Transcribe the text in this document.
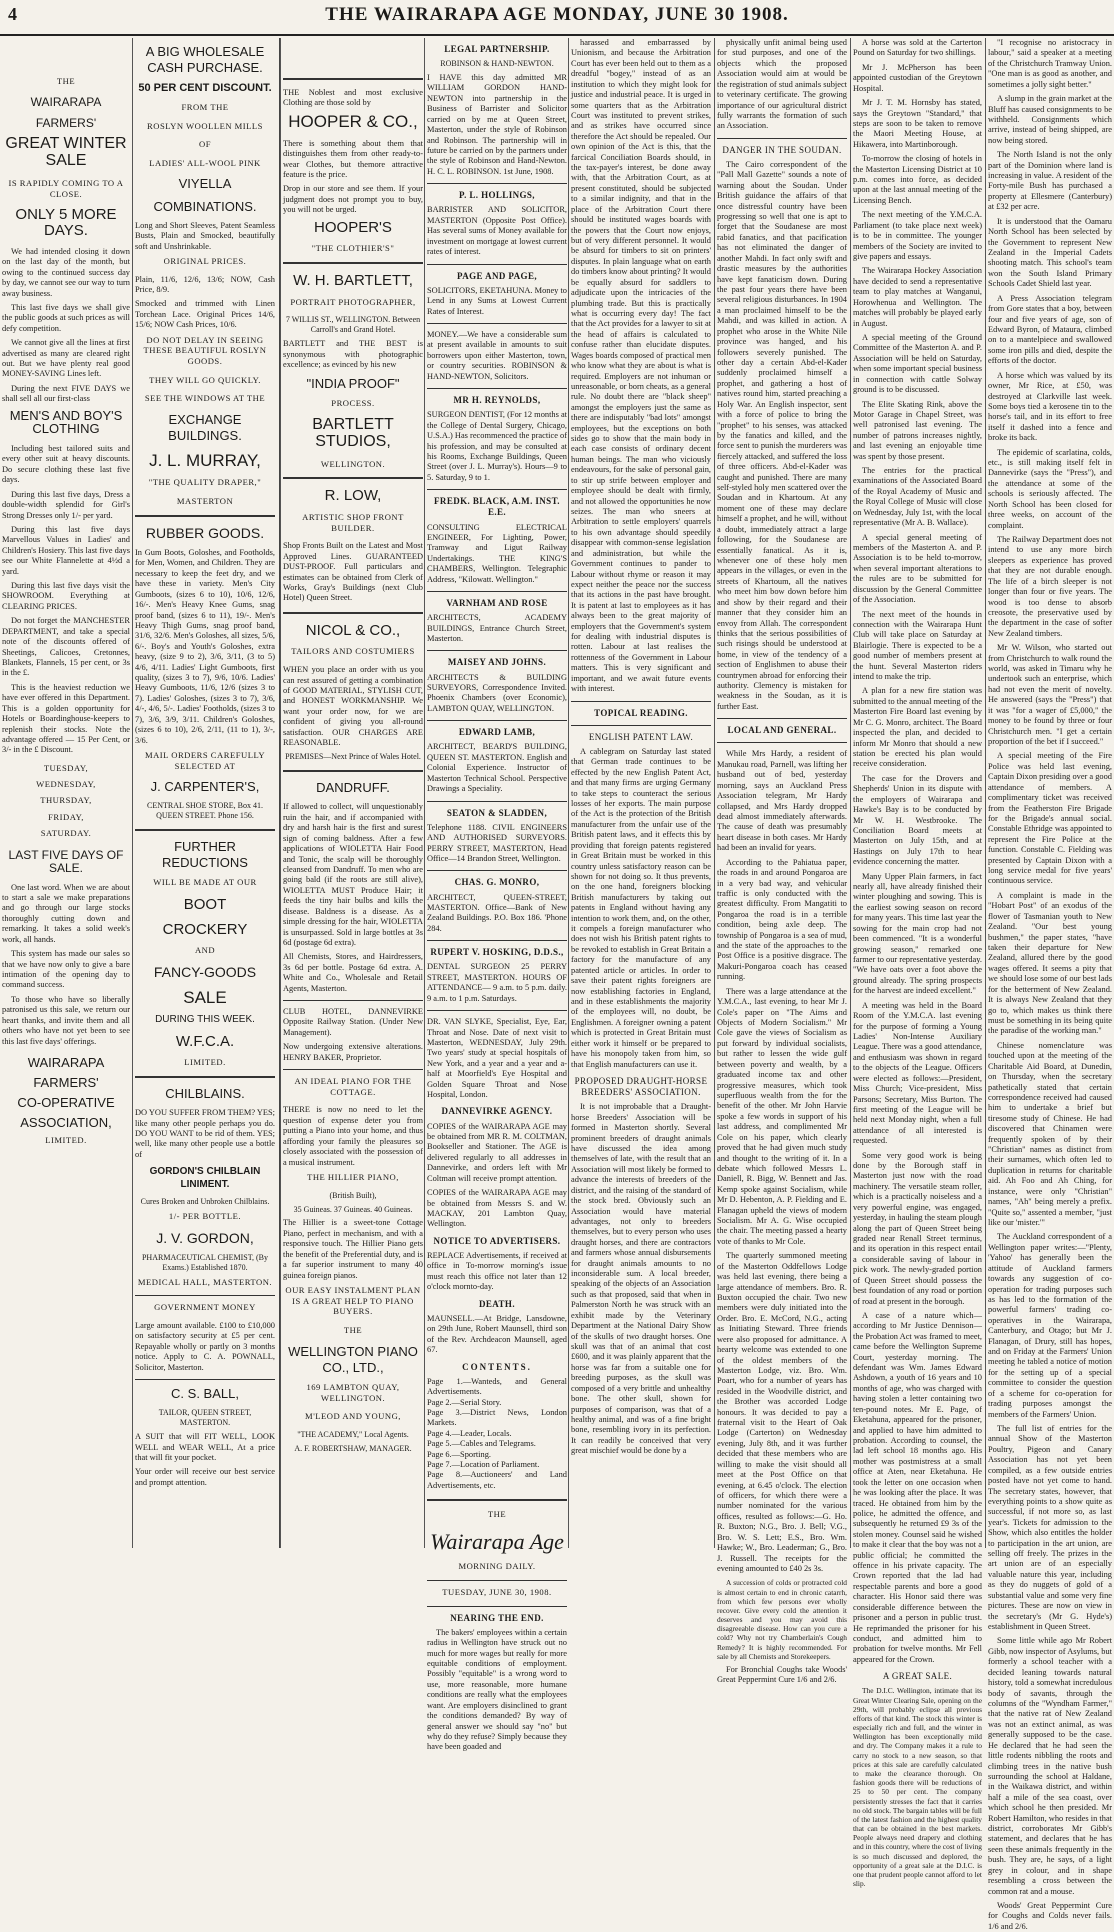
4	THE WAIRARAPA AGE MONDAY, JUNE 30 1908.
THE
WAIRARAPA
FARMERS'
GREAT WINTER SALE
IS RAPIDLY COMING TO A CLOSE.
ONLY 5 MORE DAYS.

We had intended closing it down on the last day of the month, but owing to the continued success day by day, we cannot see our way to turn away business.

This last five days we shall give the public goods at such prices as will defy competition.

We cannot give all the lines at first advertised as many are cleared right out. But we have plenty real good MONEY-SAVING Lines left.

During the next FIVE DAYS we shall sell all our first-class

MEN'S AND BOY'S CLOTHING

Including best tailored suits and every other suit at heavy discounts. Do secure clothing these last five days.

During this last five days, Dress a double-width splendid for Girl's Strong Dresses only 1/- per yard.

During this last five days Marvellous Values in Ladies' and Children's Hosiery. This last five days see our White Flannelette at 4½d a yard.

During this last five days visit the SHOWROOM. Everything at CLEARING PRICES.

Do not forget the MANCHESTER DEPARTMENT, and take a special note of the discounts offered of Sheetings, Calicoes, Cretonnes, Blankets, Flannels, 15 per cent, or 3s in the £.

This is the heaviest reduction we have ever offered in this Department. This is a golden opportunity for Hotels or Boardinghouse-keepers to replenish their stocks. Note the advantage offered — 15 Per Cent, or 3/- in the £ Discount.

TUESDAY,
WEDNESDAY,
THURSDAY,
FRIDAY,
SATURDAY.
LAST FIVE DAYS OF SALE.

One last word. When we are about to start a sale we make preparations and go through our large stocks thoroughly cutting down and remarking. It takes a solid week's work, all hands.

This system has made our sales so that we have now only to give a bare intimation of the opening day to command success.

To those who have so liberally patronised us this sale, we return our heart thanks, and invite them and all others who have not yet been to see this last five days' offerings.

WAIRARAPA
FARMERS'
CO-OPERATIVE
ASSOCIATION,
LIMITED.
A BIG WHOLESALE CASH PURCHASE.
50 PER CENT DISCOUNT.
FROM THE
ROSLYN WOOLLEN MILLS
OF
LADIES' ALL-WOOL PINK
VIYELLA
COMBINATIONS.

Long and Short Sleeves, Patent Seamless Busts, Plain and Smocked, beautifully soft and Unshrinkable.

ORIGINAL PRICES.

Plain, 11/6, 12/6, 13/6; NOW, Cash Price, 8/9.

Smocked and trimmed with Linen Torchean Lace. Original Prices 14/6, 15/6; NOW Cash Prices, 10/6.

DO NOT DELAY IN SEEING THESE BEAUTIFUL ROSLYN GOODS.
THEY WILL GO QUICKLY.
SEE THE WINDOWS AT THE
EXCHANGE BUILDINGS.
J. L. MURRAY,
"THE QUALITY DRAPER,"
MASTERTON
RUBBER GOODS.

In Gum Boots, Goloshes, and Footholds, for Men, Women, and Children. They are necessary to keep the feet dry, and we have these in variety. Men's City Gumboots, (sizes 6 to 10), 10/6, 12/6, 16/-. Men's Heavy Knee Gums, snag proof band, (sizes 6 to 11), 19/-. Men's Heavy Thigh Gums, snag proof band, 31/6, 32/6. Men's Goloshes, all sizes, 5/6, 6/-. Boy's and Youth's Goloshes, extra heavy, (size 9 to 2), 3/6, 3/11, (3 to 5) 4/6, 4/11. Ladies' Light Gumboots, first quality, (sizes 3 to 7), 9/6, 10/6. Ladies' Heavy Gumboots, 11/6, 12/6 (sizes 3 to 7). Ladies' Goloshes, (sizes 3 to 7), 3/6, 4/-, 4/6, 5/-. Ladies' Footholds, (sizes 3 to 7), 3/6, 3/9, 3/11. Children's Goloshes, (sizes 6 to 10), 2/6, 2/11, (11 to 1), 3/-, 3/6.

MAIL ORDERS CAREFULLY SELECTED AT
J. CARPENTER'S,
CENTRAL SHOE STORE, Box 41. QUEEN STREET. Phone 156.
FURTHER REDUCTIONS
WILL BE MADE AT OUR
BOOT
CROCKERY
AND
FANCY-GOODS
SALE
DURING THIS WEEK.
W.F.C.A.
LIMITED.
CHILBLAINS.

DO YOU SUFFER FROM THEM? YES; like many other people perhaps you do. DO YOU WANT to be rid of them. YES; well, like many other people use a bottle of

GORDON'S CHILBLAIN LINIMENT.
Cures Broken and Unbroken Chilblains.
1/- PER BOTTLE.
J. V. GORDON,
PHARMACEUTICAL CHEMIST, (By Exams.) Established 1870.
MEDICAL HALL, MASTERTON.
GOVERNMENT MONEY

Large amount available. £100 to £10,000 on satisfactory security at £5 per cent. Repayable wholly or partly on 3 months notice. Apply to C. A. POWNALL, Solicitor, Masterton.

C. S. BALL,
TAILOR, QUEEN STREET, MASTERTON.

A SUIT that will FIT WELL, LOOK WELL and WEAR WELL, At a price that will fit your pocket.

Your order will receive our best service and prompt attention.

THE Noblest and most exclusive Clothing are those sold by

HOOPER & CO.,

There is something about them that distinguishes them from other ready-to-wear Clothes, but themore attractive feature is the price.

Drop in our store and see them. If your judgment does not prompt you to buy, you will not be urged.

HOOPER'S
"THE CLOTHIER'S"
W. H. BARTLETT,
PORTRAIT PHOTOGRAPHER,
7 WILLIS ST., WELLINGTON. Between Carroll's and Grand Hotel.

BARTLETT and THE BEST is synonymous with photographic excellence; as evinced by his new

"INDIA PROOF"
PROCESS.
BARTLETT STUDIOS,
WELLINGTON.
R. LOW,
ARTISTIC SHOP FRONT BUILDER.

Shop Fronts Built on the Latest and Most Approved Lines. GUARANTEED DUST-PROOF. Full particulars and estimates can be obtained from Clerk of Works, Gray's Buildings (next Club Hotel) Queen Street.

NICOL & CO.,
TAILORS AND COSTUMIERS

WHEN you place an order with us you can rest assured of getting a combination of GOOD MATERIAL, STYLISH CUT, and HONEST WORKMANSHIP. We want your order now, for we are confident of giving you all-round satisfaction. OUR CHARGES ARE REASONABLE.

PREMISES—Next Prince of Wales Hotel.
DANDRUFF.

If allowed to collect, will unquestionably ruin the hair, and if accompanied with dry and harsh hair is the first and surest sign of coming baldness. After a few applications of WIOLETTA Hair Food and Tonic, the scalp will be thoroughly cleansed from Dandruff. To men who are going bald (if the roots are still alive), WIOLETTA MUST Produce Hair; it feeds the tiny hair bulbs and kills the disease. Baldness is a disease. As a simple dressing for the hair, WIOLETTA is unsurpassed. Sold in large bottles at 3s 6d (postage 6d extra).

All Chemists, Stores, and Hairdressers, 3s 6d per bottle. Postage 6d extra. A. White and Co., Wholesale and Retail Agents, Masterton.

CLUB HOTEL, DANNEVIRKE Opposite Railway Station. (Under New Management).

Now undergoing extensive alterations. HENRY BAKER, Proprietor.

AN IDEAL PIANO FOR THE COTTAGE.

THERE is now no need to let the question of expense deter you from putting a Piano into your home, and thus affording your family the pleasures so closely associated with the possession of a musical instrument.

THE HILLIER PIANO,
(British Built),
35 Guineas. 37 Guineas. 40 Guineas.

The Hillier is a sweet-tone Cottage Piano, perfect in mechanism, and with a responsive touch. The Hillier Piano gets the benefit of the Preferential duty, and is a far superior instrument to many 40 guinea foreign pianos.

OUR EASY INSTALMENT PLAN IS A GREAT HELP TO PIANO BUYERS.
THE
WELLINGTON PIANO CO., LTD.,
169 LAMBTON QUAY, WELLINGTON.
M'LEOD AND YOUNG,
"THE ACADEMY," Local Agents.
A. F. ROBERTSHAW, MANAGER.
LEGAL PARTNERSHIP.
ROBINSON & HAND-NEWTON.

I HAVE this day admitted MR WILLIAM GORDON HAND-NEWTON into partnership in the Business of Barrister and Solicitor carried on by me at Queen Street, Masterton, under the style of Robinson and Robinson. The partnership will in future be carried on by the partners under the style of Robinson and Hand-Newton. H. C. L. ROBINSON. 1st June, 1908.

P. L. HOLLINGS,

BARRISTER AND SOLICITOR, MASTERTON (Opposite Post Office). Has several sums of Money available for investment on mortgage at lowest current rates of interest.

PAGE AND PAGE,

SOLICITORS, EKETAHUNA. Money to Lend in any Sums at Lowest Current Rates of Interest.

MONEY.—We have a considerable sum at present available in amounts to suit borrowers upon either Masterton, town, or country securities. ROBINSON & HAND-NEWTON, Solicitors.

MR H. REYNOLDS,

SURGEON DENTIST, (For 12 months at the College of Dental Surgery, Chicago, U.S.A.) Has recommenced the practice of his profession, and may be consulted at his Rooms, Exchange Buildings, Queen Street (over J. L. Murray's). Hours—9 to 5. Saturday, 9 to 1.

FREDK. BLACK, A.M. INST. E.E.

CONSULTING ELECTRICAL ENGINEER, For Lighting, Power, Tramway and Ligut Railway Undertakings. THE KING'S CHAMBERS, Wellington. Telegraphic Address, "Kilowatt. Wellington."

VARNHAM AND ROSE

ARCHITECTS, ACADEMY BUILDINGS, Entrance Church Street, Masterton.

MAISEY AND JOHNS.

ARCHITECTS & BUILDING SURVEYORS, Correspondence Invited. Phoenix Chambers (over Economic), LAMBTON QUAY, WELLINGTON.

EDWARD LAMB,

ARCHITECT, BEARD'S BUILDING, QUEEN ST. MASTERTON. English and Colonial Experience. Instructor of Masterton Technical School. Perspective Drawings a Speciality.

SEATON & SLADDEN,

Telephone 1188. CIVIL ENGINEERS AND AUTHORISED SURVEYORS. PERRY STREET, MASTERTON, Head Office—14 Brandon Street, Wellington.

CHAS. G. MONRO,

ARCHITECT, QUEEN-STREET, MASTERTON. Office—Bank of New Zealand Buildings. P.O. Box 186. 'Phone 284.

RUPERT V. HOSKING, D.D.S.,

DENTAL SURGEON 25 PERRY STREET, MASTERTON. HOURS OF ATTENDANCE— 9 a.m. to 5 p.m. daily. 9 a.m. to 1 p.m. Saturdays.

DR. VAN SLYKE, Specialist, Eye, Ear, Throat and Nose. Date of next visit to Masterton, WEDNESDAY, July 29th. Two years' study at special hospitals of New York, and a year and a year and a-half at Moorfield's Eye Hospital and Golden Square Throat and Nose Hospital, London.

DANNEVIRKE AGENCY.

COPIES of the WAIRARAPA AGE may be obtained from MR R. M. COLTMAN, Bookseller and Stationer. The AGE is delivered regularly to all addresses in Dannevirke, and orders left with Mr Coltman will receive prompt attention.

COPIES of the WAIRARAPA AGE may be obtained from Messrs S. and W. MACKAY, 201 Lambton Quay, Wellington.

NOTICE TO ADVERTISERS.

REPLACE Advertisements, if received at office in To-morrow morning's issue must reach this office not later than 12 o'clock mornto-day.

DEATH.

MAUNSELL.—At Bridge, Lansdowne, on 29th June, Robert Maunsell, third son of the Rev. Archdeacon Maunsell, aged 67.

CONTENTS.

Page 1.—Wanteds, and General Advertisements.

Page 2.—Serial Story.

Page 3.—District News, London Markets.

Page 4.—Leader, Locals.

Page 5.—Cables and Telegrams.

Page 6.—Sporting.

Page 7.—Location of Parliament.

Page 8.—Auctioneers' and Land Advertisements, etc.

THE
Wairarapa Age
MORNING DAILY.
TUESDAY, JUNE 30, 1908.
NEARING THE END.

The bakers' employees within a certain radius in Wellington have struck out no much for more wages but really for more equitable conditions of employment. Possibly "equitable" is a wrong word to use, more reasonable, more humane conditions are really what the employees want. Are employers disinclined to grant the conditions demanded? By way of general answer we should say "no" but why do they refuse? Simply because they have been goaded and

harassed and embarrassed by Unionism, and because the Arbitration Court has ever been held out to them as a dreadful "bogey," instead of as an institution to which they might look for justice and industrial peace. It is urged in some quarters that as the Arbitration Court was instituted to prevent strikes, and as strikes have occurred since therefore the Act should be repealed. Our own opinion of the Act is this, that the farcical Conciliation Boards should, in the tax-payer's interest, be done away with, that the Arbitration Court, as at present constituted, should be subjected to a similar indignity, and that in the place of the Arbitration Court there should be instituted wages boards with the powers that the Court now enjoys, but of very different personnel. It would be absurd for timbers to sit on printers' disputes. In plain language what on earth do timbers know about printing? It would be equally absurd for saddlers to adjudicate upon the intricacies of the plumbing trade. But this is practically what is occurring every day! The fact that the Act provides for a lawyer to sit at the head of affairs is calculated to confuse rather than elucidate disputes. Wages boards composed of practical men who know what they are about is what is required. Employers are not inhuman or unreasonable, or born cheats, as a general rule. No doubt there are "black sheep" amongst the employers just the same as there are indisputably "bad lots" amongst employees, but the exceptions on both sides go to show that the main body in each case consists of ordinary decent human beings. The man who viciously endeavours, for the sake of personal gain, to stir up strife between employer and employee should be dealt with firmly, and not allowed the opportunities he now seizes. The man who sneers at Arbitration to settle employers' quarrels to his own advantage should speedily disappear with common-sense legislation and administration, but while the Government continues to pander to Labour without rhyme or reason it may expect neither the peace nor the success that its actions in the past have brought. It is patent at last to employees as it has always been to the great majority of employers that the Government's system for dealing with industrial disputes is rotten. Labour at last realises the rottenness of the Government in Labour matters. This is very significant and important, and we await future events with interest.

TOPICAL READING.
ENGLISH PATENT LAW.

A cablegram on Saturday last stated that German trade continues to be effected by the new English Patent Act, and that many firms are urging Germany to take steps to counteract the serious losses of her exports. The main purpose of the Act is the protection of the British manufacturer from the unfair use of the British patent laws, and it effects this by providing that foreign patents registered in Great Britain must be worked in this country unless satisfactory reason can be shown for not doing so. It thus prevents, on the one hand, foreigners blocking British manufacturers by taking out patents in England without having any intention to work them, and, on the other, it compels a foreign manufacturer who does not wish his British patent rights to be revoked to establish in Great Britain a factory for the manufacture of any patented article or articles. In order to save their patent rights foreigners are now establishing factories in England, and in these establishments the majority of the employees will, no doubt, be Englishmen. A foreigner owning a patent which is protected in Great Britain must either work it himself or be prepared to have his monopoly taken from him, so that English manufacturers can use it.

PROPOSED DRAUGHT-HORSE BREEDERS' ASSOCIATION.

It is not improbable that a Draught-horse Breeders' Association will be formed in Masterton shortly. Several prominent breeders of draught animals have discussed the idea among themselves of late, with the result that an Association will most likely be formed to advance the interests of breeders of the district, and the raising of the standard of the stock bred. Obviously such an Association would have material advantages, not only to breeders themselves, but to every person who uses draught horses, and there are contractors and farmers whose annual disbursements for draught animals amounts to no inconsiderable sum. A local breeder, speaking of the objects of an Association such as that proposed, said that when in Palmerston North he was struck with an exhibit made by the Veterinary Department at the National Dairy Show of the skulls of two draught horses. One skull was that of an animal that cost £600, and it was plainly apparent that the horse was far from a suitable one for breeding purposes, as the skull was composed of a very brittle and unhealthy bone. The other skull, shown for purposes of comparison, was that of a healthy animal, and was of a fine bright bone, resembling ivory in its perfection. It can readily be conceived that very great mischief would be done by a

physically unfit animal being used for stud purposes, and one of the objects which the proposed Association would aim at would be the registration of stud animals subject to veterinary certificate. The growing importance of our agricultural district fully warrants the formation of such an Association.

DANGER IN THE SOUDAN.

The Cairo correspondent of the "Pall Mall Gazette" sounds a note of warning about the Soudan. Under British guidance the affairs of that once distressful country have been progressing so well that one is apt to forget that the Soudanese are most rabid fanatics, and that pacification has not eliminated the danger of another Mahdi. In fact only swift and drastic measures by the authorities have kept fanaticism down. During the past four years there have been several religious disturbances. In 1904 a man proclaimed himself to be the Mahdi, and was killed in action. A prophet who arose in the White Nile province was hanged, and his followers severely punished. The other day a certain Abd-el-Kader suddenly proclaimed himself a prophet, and gathering a host of natives round him, started preaching a Holy War. An English inspector, sent with a force of police to bring the "prophet" to his senses, was attacked by the fanatics and killed, and the force sent to punish the murderers was fiercely attacked, and suffered the loss of three officers. Abd-el-Kader was caught and punished. There are many self-styled holy men scattered over the Soudan and in Khartoum. At any moment one of these may declare himself a prophet, and he will, without a doubt, immediately attract a large following, for the Soudanese are essentially fanatical. As it is, whenever one of these holy men appears in the villages, or even in the streets of Khartoum, all the natives who meet him bow down before him and show by their regard and their manner that they consider him an envoy from Allah. The correspondent thinks that the serious possibilities of such risings should be understood at home, in view of the tendency of a section of Englishmen to abuse their countrymen abroad for enforcing their authority. Clemency is mistaken for weakness in the Soudan, as it is further East.

LOCAL AND GENERAL.

While Mrs Hardy, a resident of Manukau road, Parnell, was lifting her husband out of bed, yesterday morning, says an Auckland Press Association telegram, Mr Hardy collapsed, and Mrs Hardy dropped dead almost immediately afterwards. The cause of death was presumably heart disease in both cases. Mr Hardy had been an invalid for years.

According to the Pahiatua paper, the roads in and around Pongaroa are in a very bad way, and vehicular traffic is only conducted with the greatest difficulty. From Mangatiti to Pongaroa the road is in a terrible condition, being axle deep. The township of Pongaroa is a sea of mud, and the state of the approaches to the Post Office is a positive disgrace. The Makuri-Pongaroa coach has ceased running.

There was a large attendance at the Y.M.C.A., last evening, to hear Mr J. Cole's paper on "The Aims and Objects of Modern Socialism." Mr Cole gave the views of Socialism as put forward by individual socialists, but rather to lessen the wide gulf between poverty and wealth, by a graduated income tax and other progressive measures, which took superfluous wealth from the for the benefit of the other. Mr John Harvie spoke a few words in support of his last address, and complimented Mr Cole on his paper, which clearly proved that he had given much study and thought to the writing of it. In a debate which followed Messrs L. Daniell, R. Bigg, W. Bennett and Jas. Kemp spoke against Socialism, while Mr D. Hebenton, A. P. Fielding and E. Flanagan upheld the views of modern Socialism. Mr A. G. Wise occupied the chair. The meeting passed a hearty vote of thanks to Mr Cole.

The quarterly summoned meeting of the Masterton Oddfellows Lodge was held last evening, there being a large attendance of members. Bro. R. Buxton occupied the chair. Two new members were duly initiated into the Order. Bro. E. McCord, N.G., acting as Initiating Steward. Three friends were also proposed for admittance. A hearty welcome was extended to one of the oldest members of the Masterton Lodge, viz. Bro. Wm. Poart, who for a number of years has resided in the Woodville district, and the Brother was accorded Lodge honours. It was decided to pay a fraternal visit to the Heart of Oak Lodge (Carterton) on Wednesday evening, July 8th, and it was further decided that these members who are willing to make the visit should all meet at the Post Office on that evening, at 6.45 o'clock. The election of officers, for which there were a number nominated for the various offices, resulted as follows:—G. Ho. R. Buxton; N.G., Bro. J. Bell; V.G., Bro. W. S. Lett; E.S., Bro. Wm. Hawke; W., Bro. Leaderman; G., Bro. J. Russell. The receipts for the evening amounted to £40 2s 3s.

A succession of colds or protracted cold is almost certain to end in chronic catarrh, from which few persons ever wholly recover. Give every cold the attention it deserves and you may avoid this disagreeable disease. How can you cure a cold? Why not try Chamberlain's Cough Remedy? It is highly recommended. For sale by all Chemists and Storekeepers.

For Bronchial Coughs take Woods' Great Peppermint Cure 1/6 and 2/6.

A horse was sold at the Carterton Pound on Saturday for two shillings.

Mr J. McPherson has been appointed custodian of the Greytown Hospital.

Mr J. T. M. Hornsby has stated, says the Greytown "Standard," that steps are soon to be taken to remove the Maori Meeting House, at Hikawera, into Martinborough.

To-morrow the closing of hotels in the Masterton Licensing District at 10 p.m. comes into force, as decided upon at the last annual meeting of the Licensing Bench.

The next meeting of the Y.M.C.A. Parliament (to take place next week) is to be in committee. The younger members of the Society are invited to give papers and essays.

The Wairarapa Hockey Association have decided to send a representative team to play matches at Wanganui, Horowhenua and Wellington. The matches will probably be played early in August.

A special meeting of the Ground Committee of the Masterton A. and P. Association will be held on Saturday, when some important special business in connection with cattle Solway ground is to be discussed.

The Elite Skating Rink, above the Motor Garage in Chapel Street, was well patronised last evening. The number of patrons increases nightly, and last evening an enjoyable time was spent by those present.

The entries for the practical examinations of the Associated Board of the Royal Academy of Music and the Royal College of Music will close on Wednesday, July 1st, with the local representative (Mr A. B. Wallace).

A special general meeting of members of the Masterton A. and P. Association is to be held to-morrow, when several important alterations to the rules are to be submitted for discussion by the General Committee of the Association.

The next meet of the hounds in connection with the Wairarapa Hunt Club will take place on Saturday at Blairlogie. There is expected to be a good number of members present at the hunt. Several Masterton riders intend to make the trip.

A plan for a new fire station was submitted to the annual meeting of the Masterton Fire Board last evening by Mr C. G. Monro, architect. The Board inspected the plan, and decided to inform Mr Monro that should a new station be erected his plan would receive consideration.

The case for the Drovers and Shepherds' Union in its dispute with the employers of Wairarapa and Hawke's Bay is to be conducted by Mr W. H. Westbrooke. The Conciliation Board meets at Masterton on July 15th, and at Hastings on July 17th to hear evidence concerning the matter.

Many Upper Plain farmers, in fact nearly all, have already finished their winter ploughing and sowing. This is the earliest sowing season on record for many years. This time last year the sowing for the main crop had not been commenced. "It is a wonderful growing season," remarked one farmer to our representative yesterday. "We have oats over a foot above the ground already. The spring prospects for the harvest are indeed excellent."

A meeting was held in the Board Room of the Y.M.C.A. last evening for the purpose of forming a Young Ladies' Non-Intense Auxiliary League. There was a good attendance, and enthusiasm was shown in regard to the objects of the League. Officers were elected as follows:—President, Miss Church; Vice-president, Miss Parsons; Secretary, Miss Burton. The first meeting of the League will be held next Monday night, when a full attendance of all interested is requested.

Some very good work is being done by the Borough staff in Masterton just now with the road machinery. The versatile steam roller, which is a practically noiseless and a very powerful engine, was engaged, yesterday, in hauling the steam plough along the part of Queen Street being graded near Renall Street terminus, and its operation in this respect entail a considerable saving of labour in pick work. The newly-graded portion of Queen Street should possess the best foundation of any road or portion of road at present in the borough.

A case of a nature which—according to Mr Justice Dennison—the Probation Act was framed to meet, came before the Wellington Supreme Court, yesterday morning. The defendant was Wm. James Edward Ashdown, a youth of 16 years and 10 months of age, who was charged with having stolen a letter containing two ten-pound notes. Mr E. Page, of Eketahuna, appeared for the prisoner, and applied to have him admitted to probation. According to counsel, the lad left school 18 months ago. His mother was postmistress at a small office at Aten, near Eketahuna. He took the letter on one occasion when he was looking after the place. It was traced. He obtained from him by the police, he admitted the offence, and subsequently he returned £9 3s of the stolen money. Counsel said he wished to make it clear that the boy was not a public official; he committed the offence in his private capacity. The Crown reported that the lad had respectable parents and bore a good character. His Honor said there was considerable difference between the prisoner and a person in public trust. He reprimanded the prisoner for his conduct, and admitted him to probation for twelve months. Mr Fell appeared for the Crown.

A GREAT SALE.

The D.I.C. Wellington, intimate that its Great Winter Clearing Sale, opening on the 29th, will probably eclipse all previous efforts of that kind. The stock this winter is especially rich and full, and the winter in Wellington has been exceptionally mild and dry. The Company makes it a rule to carry no stock to a new season, so that prices at this sale are carefully calculated to make the clearance thorough. On fashion goods there will be reductions of 25 to 50 per cent. The company persistently stresses the fact that it carries no old stock. The bargain tables will be full of the latest fashion and the highest quality that can be obtained in the best markets. People always need drapery and clothing and in this country, where the cost of living is so much discussed and deplored, the opportunity of a great sale at the D.I.C. is one that prudent people cannot afford to let slip.

"I recognise no aristocracy in labour," said a speaker at a meeting of the Christchurch Tramway Union. "One man is as good as another, and sometimes a jolly sight better."

A slump in the grain market at the Bluff has caused consignments to be withheld. Consignments which arrive, instead of being shipped, are now being stored.

The North Island is not the only part of the Dominion where land is increasing in value. A resident of the Forty-mile Bush has purchased a property at Ellesmere (Canterbury) at £32 per acre.

It is understood that the Oamaru North School has been selected by the Government to represent New Zealand in the Imperial Cadets shooting match. This school's team won the South Island Primary Schools Cadet Shield last year.

A Press Association telegram from Gore states that a boy, between four and five years of age, son of Edward Byron, of Mataura, climbed on to a mantelpiece and swallowed some iron pills and died, despite the efforts of the doctor.

A horse which was valued by its owner, Mr Rice, at £50, was destroyed at Clarkville last week. Some boys tied a kerosene tin to the horse's tail, and in its effort to free itself it dashed into a fence and broke its back.

The epidemic of scarlatina, colds, etc., is still making itself felt in Dannevirke (says the "Press"), and the attendance at some of the schools is seriously affected. The North School has been closed for three weeks, on account of the complaint.

The Railway Department does not intend to use any more birch sleepers as experience has proved that they are not durable enough. The life of a birch sleeper is not longer than four or five years. The wood is too dense to absorb creosote, the preservative used by the department in the case of softer New Zealand timbers.

Mr W. Wilson, who started out from Christchurch to walk round the world, was asked in Timaru why he undertook such an enterprise, which had not even the merit of novelty. He answered (says the "Press") that it was "for a wager of £5,000," the money to be found by three or four Christchurch men. "I get a certain proportion of the bet if I succeed."

A special meeting of the Fire Police was held last evening, Captain Dixon presiding over a good attendance of members. A complimentary ticket was received from the Featherston Fire Brigade for the Brigade's annual social. Constable Ethridge was appointed to represent the Fire Police at the function. Constable C. Fielding was presented by Captain Dixon with a long service medal for five years' continuous service.

A complaint is made in the "Hobart Post" of an exodus of the flower of Tasmanian youth to New Zealand. "Our best young bushmen," the paper states, "have taken their departure for New Zealand, allured there by the good wages offered. It seems a pity that we should lose some of our best lads for the betterment of New Zealand. It is always New Zealand that they go to, which makes us think there must be something in its being quite the paradise of the working man."

Chinese nomenclature was touched upon at the meeting of the Charitable Aid Board, at Dunedin, on Thursday, when the secretary pathetically stated that certain correspondence received had caused him to undertake a brief but tiresome study of Chinese. He had discovered that Chinamen were frequently spoken of by their "Christian" names as distinct from their surnames, which often led to duplication in returns for charitable aid. Ah Foo and Ah Ching, for instance, were only "Christian" names, "Ah" being merely a prefix. "Quite so," assented a member, "just like our 'mister.'"

The Auckland correspondent of a Wellington paper writes:—"Plenty, 'Yahoo' has generally been the attitude of Auckland farmers towards any suggestion of co-operation for trading purposes such as has led to the formation of the powerful farmers' trading co-operatives in the Wairarapa, Canterbury, and Otago; but Mr J. Flanagan, of Drury, still has hopes, and on Friday at the Farmers' Union meeting he tabled a notice of motion for the setting up of a special committee to consider the question of a scheme for co-operation for trading purposes amongst the members of the Farmers' Union.

The full list of entries for the annual Show of the Masterton Poultry, Pigeon and Canary Association has not yet been compiled, as a few outside entries posted have not yet come to hand. The secretary states, however, that everything points to a show quite as successful, if not more so, as last year's. Tickets for admission to the Show, which also entitles the holder to participation in the art union, are selling off freely. The prizes in the art union are of an especially valuable nature this year, including as they do nuggets of gold of a substantial value and some very fine pictures. These are now on view in the secretary's (Mr G. Hyde's) establishment in Queen Street.

Some little while ago Mr Robert Gibb, now inspector of Asylums, but formerly a school teacher with a decided leaning towards natural history, told a somewhat incredulous body of savants, through the columns of the "Wyndham Farmer," that the native rat of New Zealand was not an extinct animal, as was generally supposed to be the case. He declared that he had seen the little rodents nibbling the roots and climbing trees in the native bush surrounding the school at Haldane, in the Waikawa district, and within half a mile of the sea coast, over which school he then presided. Mr Robert Hamilton, who resides in that district, corroborates Mr Gibb's statement, and declares that he has seen these animals frequently in the bush. They are, he says, of a light grey in colour, and in shape resembling a cross between the common rat and a mouse.

Woods' Great Peppermint Cure for Coughs and Colds never fails. 1/6 and 2/6.
